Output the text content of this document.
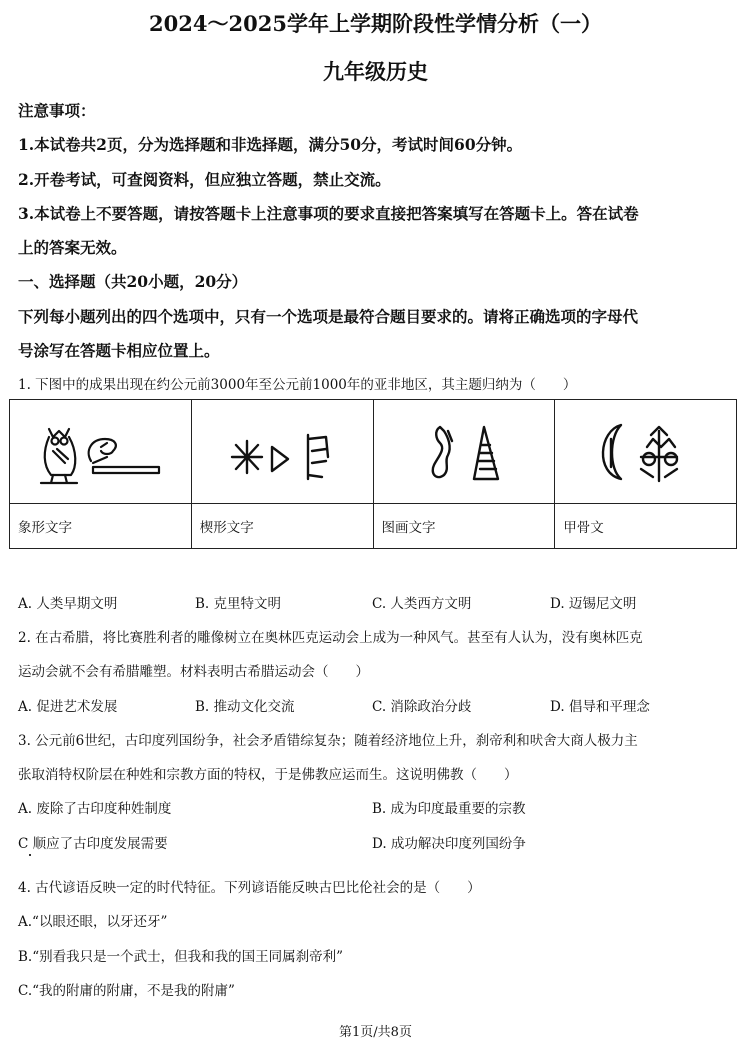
2024～2025学年上学期阶段性学情分析（一）
九年级历史
注意事项：
1.本试卷共2页，分为选择题和非选择题，满分50分，考试时间60分钟。
2.开卷考试，可查阅资料，但应独立答题，禁止交流。
3.本试卷上不要答题，请按答题卡上注意事项的要求直接把答案填写在答题卡上。答在试卷
上的答案无效。
一、选择题（共20小题，20分）
下列每小题列出的四个选项中，只有一个选项是最符合题目要求的。请将正确选项的字母代
号涂写在答题卡相应位置上。
1. 下图中的成果出现在约公元前3000年至公元前1000年的亚非地区，其主题归纳为（　　）

象形文字	楔形文字	图画文字	甲骨文
A. 人类早期文明	B. 克里特文明	C. 人类西方文明	D. 迈锡尼文明
2. 在古希腊，将比赛胜利者的雕像树立在奥林匹克运动会上成为一种风气。甚至有人认为，没有奥林匹克
运动会就不会有希腊雕塑。材料表明古希腊运动会（　　）
A. 促进艺术发展	B. 推动文化交流	C. 消除政治分歧	D. 倡导和平理念
3. 公元前6世纪，古印度列国纷争，社会矛盾错综复杂；随着经济地位上升，刹帝利和吠舍大商人极力主
张取消特权阶层在种姓和宗教方面的特权，于是佛教应运而生。这说明佛教（　　）
A. 废除了古印度种姓制度	B. 成为印度最重要的宗教
C 顺应了古印度发展需要	D. 成功解决印度列国纷争
4. 古代谚语反映一定的时代特征。下列谚语能反映古巴比伦社会的是（　　）
A.“以眼还眼，以牙还牙”
B.“别看我只是一个武士，但我和我的国王同属刹帝利”
C.“我的附庸的附庸，不是我的附庸”
第1页/共8页
